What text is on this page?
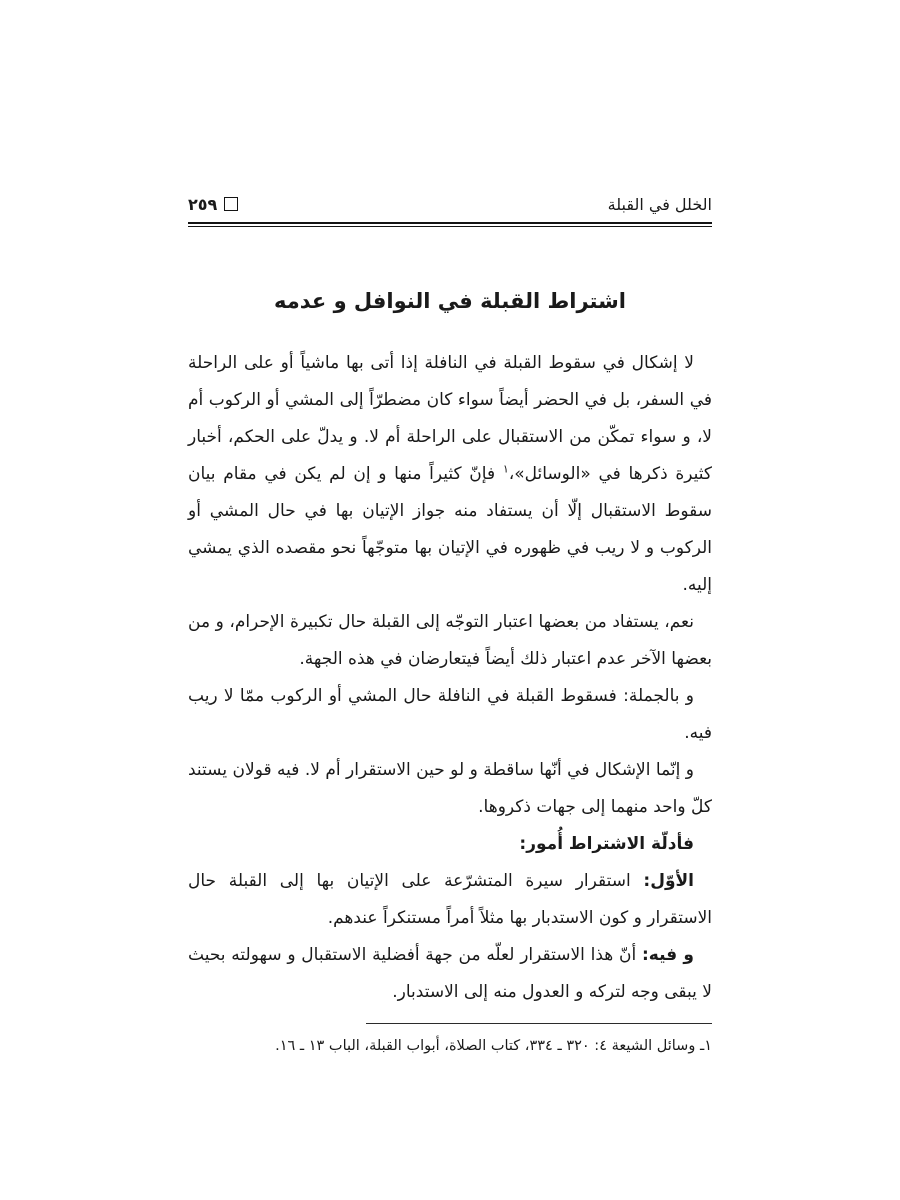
٢٥٩	الخلل في القبلة
اشتراط القبلة في النوافل و عدمه

لا إشكال في سقوط القبلة في النافلة إذا أتى بها ماشياً أو على الراحلة في السفر، بل في الحضر أيضاً سواء كان مضطرّاً إلى المشي أو الركوب أم لا، و سواء تمكّن من الاستقبال على الراحلة أم لا. و يدلّ على الحكم، أخبار كثيرة ذكرها في «الوسائل»،$^١$ فإنّ كثيراً منها و إن لم يكن في مقام بيان سقوط الاستقبال إلّا أن يستفاد منه جواز الإتيان بها في حال المشي أو الركوب و لا ريب في ظهوره في الإتيان بها متوجّهاً نحو مقصده الذي يمشي إليه.

نعم، يستفاد من بعضها اعتبار التوجّه إلى القبلة حال تكبيرة الإحرام، و من بعضها الآخر عدم اعتبار ذلك أيضاً فيتعارضان في هذه الجهة.

و بالجملة: فسقوط القبلة في النافلة حال المشي أو الركوب ممّا لا ريب فيه.

و إنّما الإشكال في أنّها ساقطة و لو حين الاستقرار أم لا. فيه قولان يستند كلّ واحد منهما إلى جهات ذكروها.

فأدلّة الاشتراط أُمور:

الأوّل: استقرار سيرة المتشرّعة على الإتيان بها إلى القبلة حال الاستقرار و كون الاستدبار بها مثلاً أمراً مستنكراً عندهم.

و فيه: أنّ هذا الاستقرار لعلّه من جهة أفضلية الاستقبال و سهولته بحيث لا يبقى وجه لتركه و العدول منه إلى الاستدبار.

١ـ وسائل الشيعة ٤: ٣٢٠ ـ ٣٣٤، كتاب الصلاة، أبواب القبلة، الباب ١٣ ـ ١٦.
